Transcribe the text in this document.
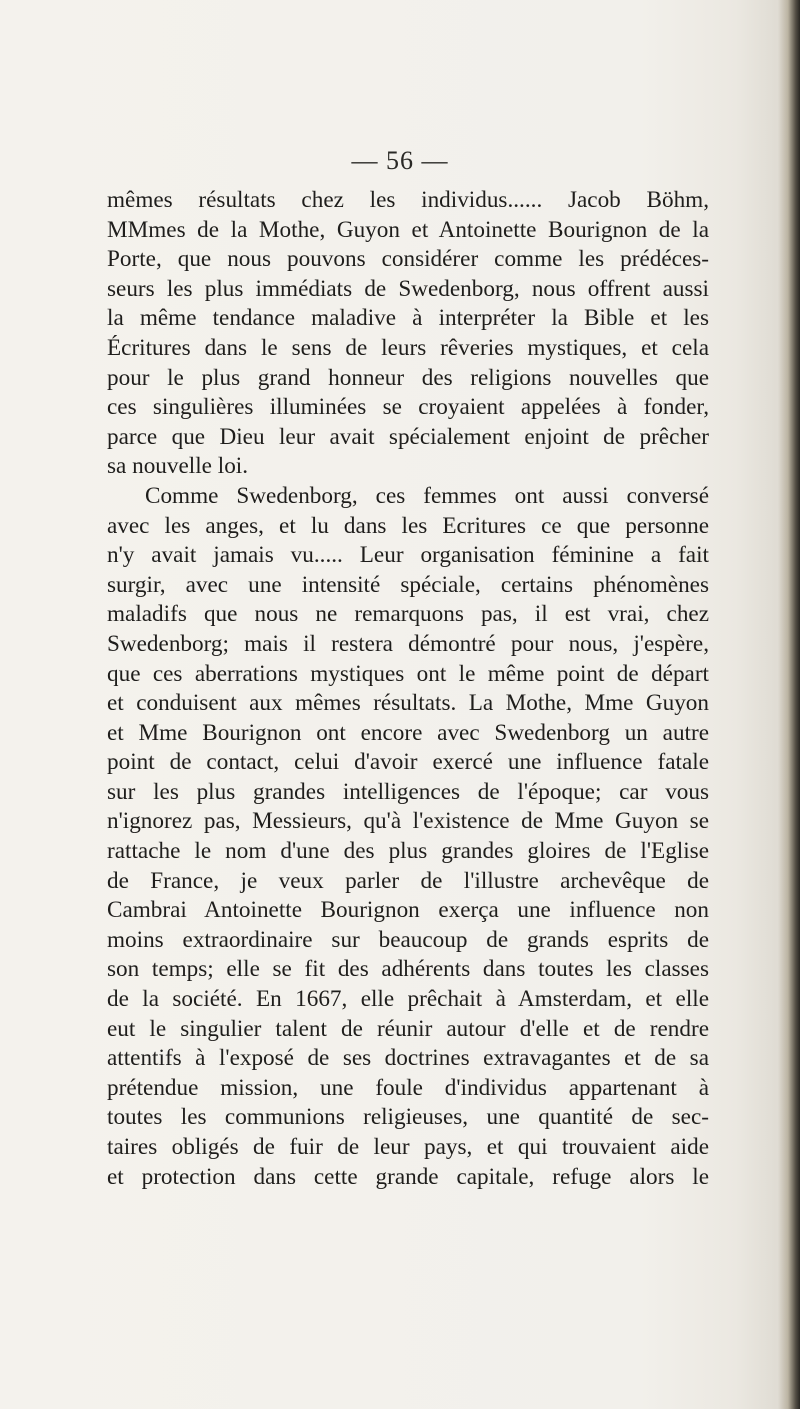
— 56 —
mêmes résultats chez les individus...... Jacob Böhm,
MMmes de la Mothe, Guyon et Antoinette Bourignon de la
Porte, que nous pouvons considérer comme les prédéces-
seurs les plus immédiats de Swedenborg, nous offrent aussi
la même tendance maladive à interpréter la Bible et les
Écritures dans le sens de leurs rêveries mystiques, et cela
pour le plus grand honneur des religions nouvelles que
ces singulières illuminées se croyaient appelées à fonder,
parce que Dieu leur avait spécialement enjoint de prêcher
sa nouvelle loi.
Comme Swedenborg, ces femmes ont aussi conversé
avec les anges, et lu dans les Ecritures ce que personne
n'y avait jamais vu..... Leur organisation féminine a fait
surgir, avec une intensité spéciale, certains phénomènes
maladifs que nous ne remarquons pas, il est vrai, chez
Swedenborg; mais il restera démontré pour nous, j'espère,
que ces aberrations mystiques ont le même point de départ
et conduisent aux mêmes résultats. La Mothe, Mme Guyon
et Mme Bourignon ont encore avec Swedenborg un autre
point de contact, celui d'avoir exercé une influence fatale
sur les plus grandes intelligences de l'époque; car vous
n'ignorez pas, Messieurs, qu'à l'existence de Mme Guyon se
rattache le nom d'une des plus grandes gloires de l'Eglise
de France, je veux parler de l'illustre archevêque de
Cambrai Antoinette Bourignon exerça une influence non
moins extraordinaire sur beaucoup de grands esprits de
son temps; elle se fit des adhérents dans toutes les classes
de la société. En 1667, elle prêchait à Amsterdam, et elle
eut le singulier talent de réunir autour d'elle et de rendre
attentifs à l'exposé de ses doctrines extravagantes et de sa
prétendue mission, une foule d'individus appartenant à
toutes les communions religieuses, une quantité de sec-
taires obligés de fuir de leur pays, et qui trouvaient aide
et protection dans cette grande capitale, refuge alors le
